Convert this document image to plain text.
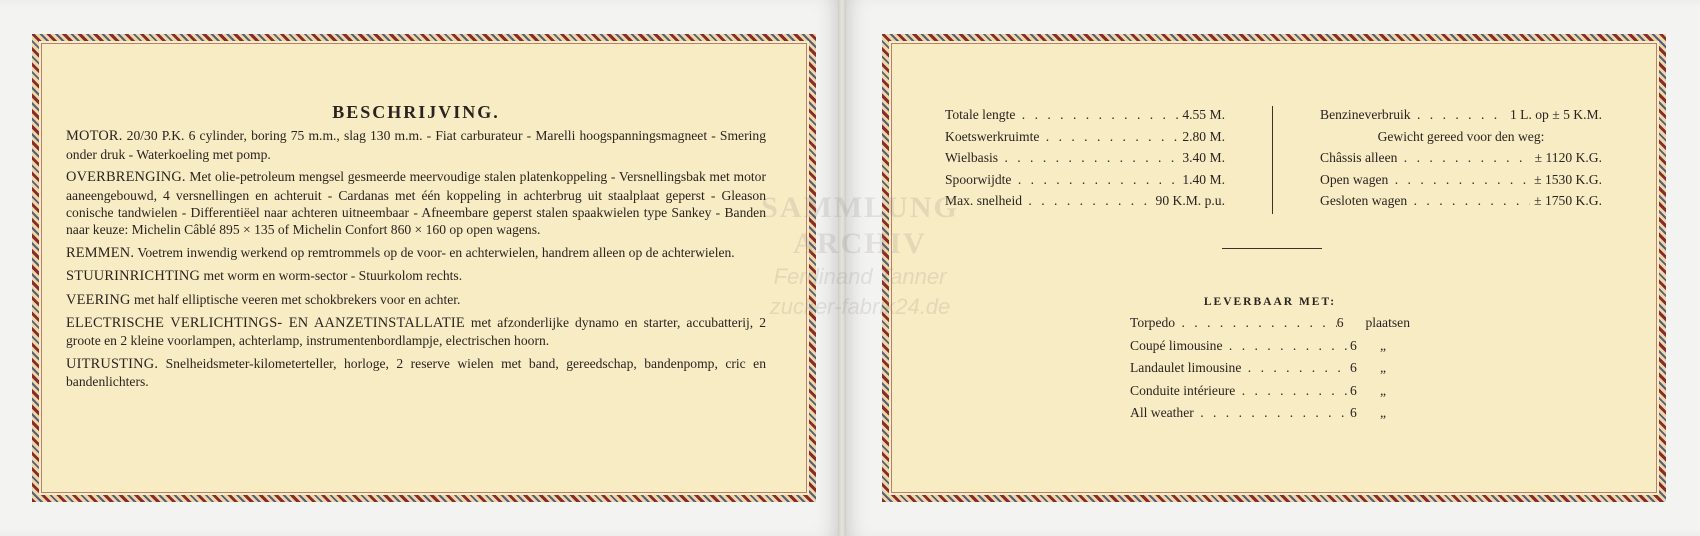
BESCHRIJVING.

MOTOR. 20/30 P.K. 6 cylinder, boring 75 m.m., slag 130 m.m. - Fiat carburateur - Marelli hoogspanningsmagneet - Smering onder druk - Waterkoeling met pomp.

OVERBRENGING. Met olie-petroleum mengsel gesmeerde meervoudige stalen platenkoppeling - Versnellingsbak met motor aaneengebouwd, 4 versnellingen en achteruit - Cardanas met één koppeling in achterbrug uit staalplaat geperst - Gleason conische tandwielen - Differentiëel naar achteren uitneembaar - Afneembare geperst stalen spaakwielen type Sankey - Banden naar keuze: Michelin Câblé 895 × 135 of Michelin Confort 860 × 160 op open wagens.

REMMEN. Voetrem inwendig werkend op remtrommels op de voor- en achterwielen, handrem alleen op de achterwielen.

STUURINRICHTING met worm en worm-sector - Stuurkolom rechts.

VEERING met half elliptische veeren met schokbrekers voor en achter.

ELECTRISCHE VERLICHTINGS- EN AANZETINSTALLATIE met afzonderlijke dynamo en starter, accubatterij, 2 groote en 2 kleine voorlampen, achterlamp, instrumentenbordlampje, electrischen hoorn.

UITRUSTING. Snelheidsmeter-kilometerteller, horloge, 2 reserve wielen met band, gereedschap, bandenpomp, cric en bandenlichters.

Totale lengte . . .	4.55 M.
Koetswerkruimte . . .	2.80 M.
Wielbasis . . .	3.40 M.
Spoorwijdte . . .	1.40 M.
Max. snelheid . . .	90 K.M. p.u.
Benzineverbruik . . .	1 L. op ± 5 K.M.
Gewicht gereed voor den weg:
Châssis alleen . . .	± 1120 K.G.
Open wagen . . .	± 1530 K.G.
Gesloten wagen . . .	± 1750 K.G.
LEVERBAAR MET:
Torpedo . . .	6	plaatsen
Coupé limousine . . .	6	„
Landaulet limousine . . .	6	„
Conduite intérieure . . .	6	„
All weather . . .	6	„
SAMMLUNG
ARCHIV
Ferdinand Tanner
zucker-fabrik24.de
